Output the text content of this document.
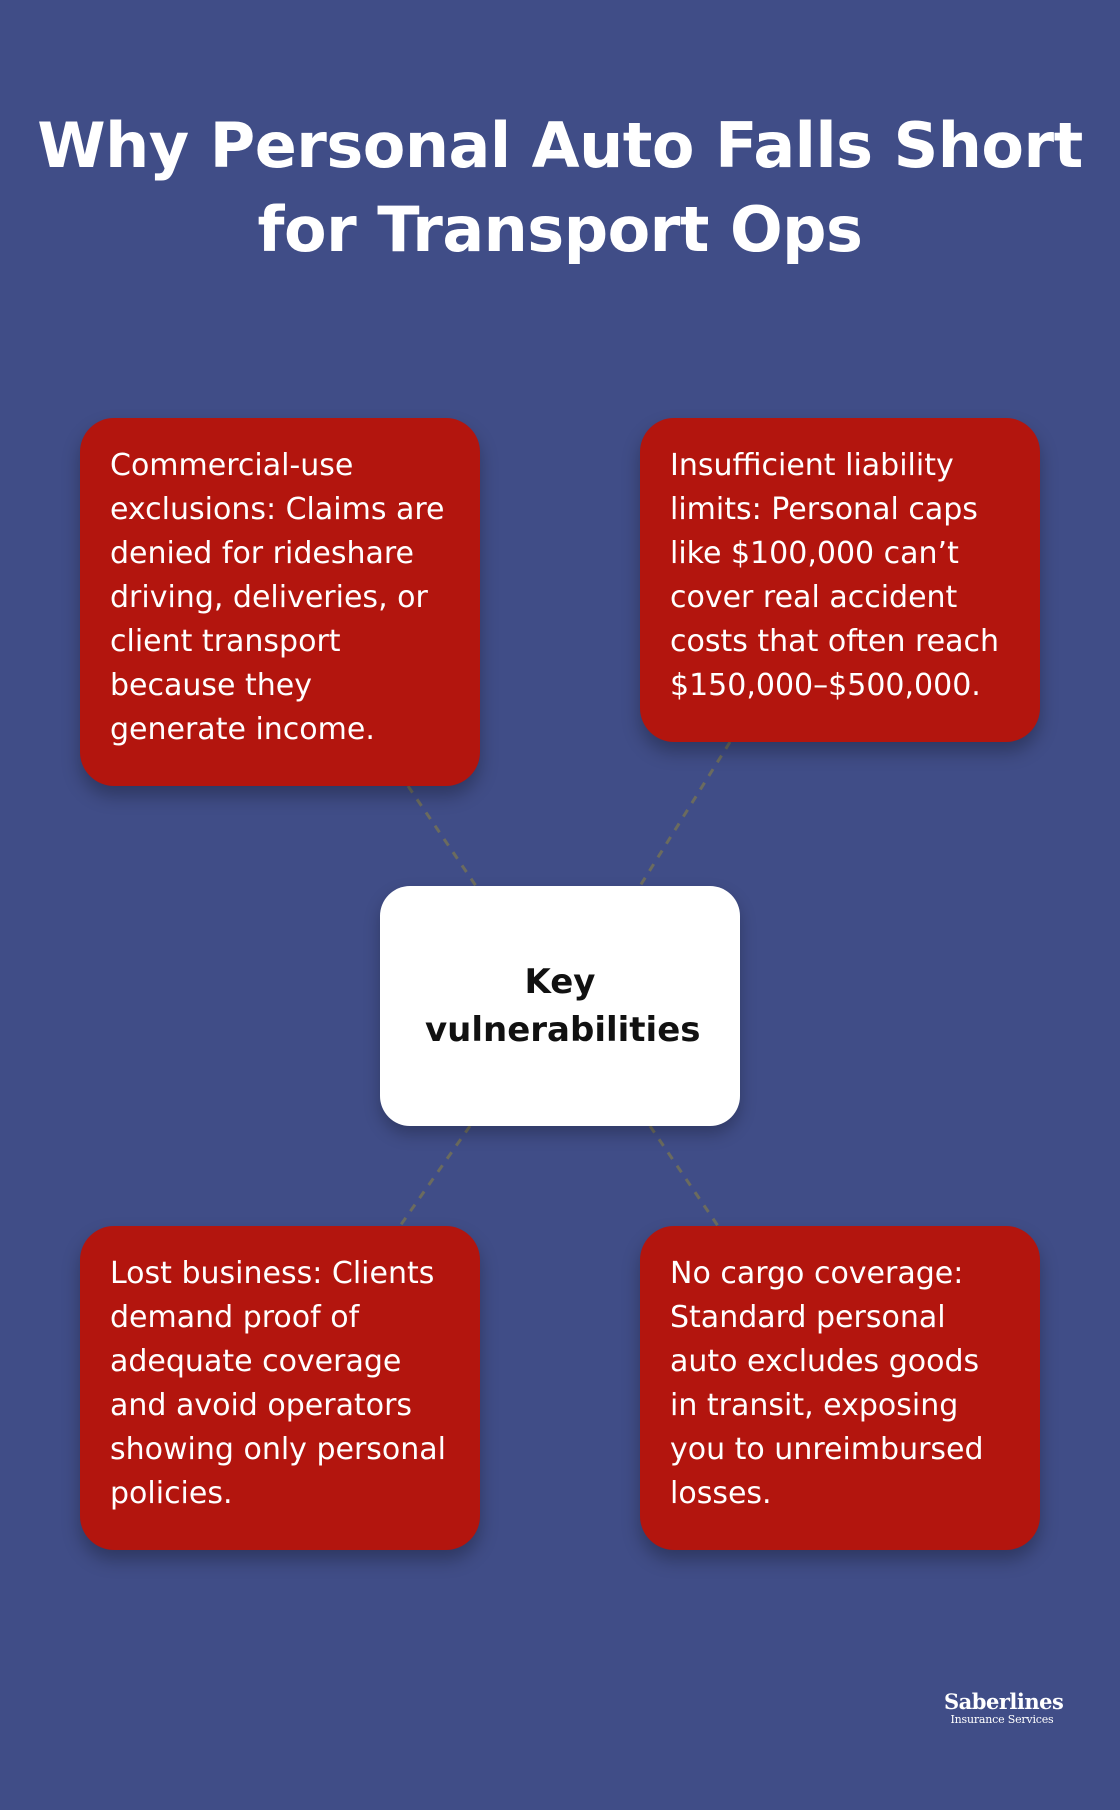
Why Personal Auto Falls Short for Transport Ops
Commercial-use exclusions: Claims are denied for rideshare driving, deliveries, or client transport because they generate income.
Insufficient liability limits: Personal caps like $100,000 can’t cover real accident costs that often reach $150,000–$500,000.
Key vulnerabilities
Lost business: Clients demand proof of adequate coverage and avoid operators showing only personal policies.
No cargo coverage: Standard personal auto excludes goods in transit, exposing you to unreimbursed losses.
Saberlines
Insurance Services
